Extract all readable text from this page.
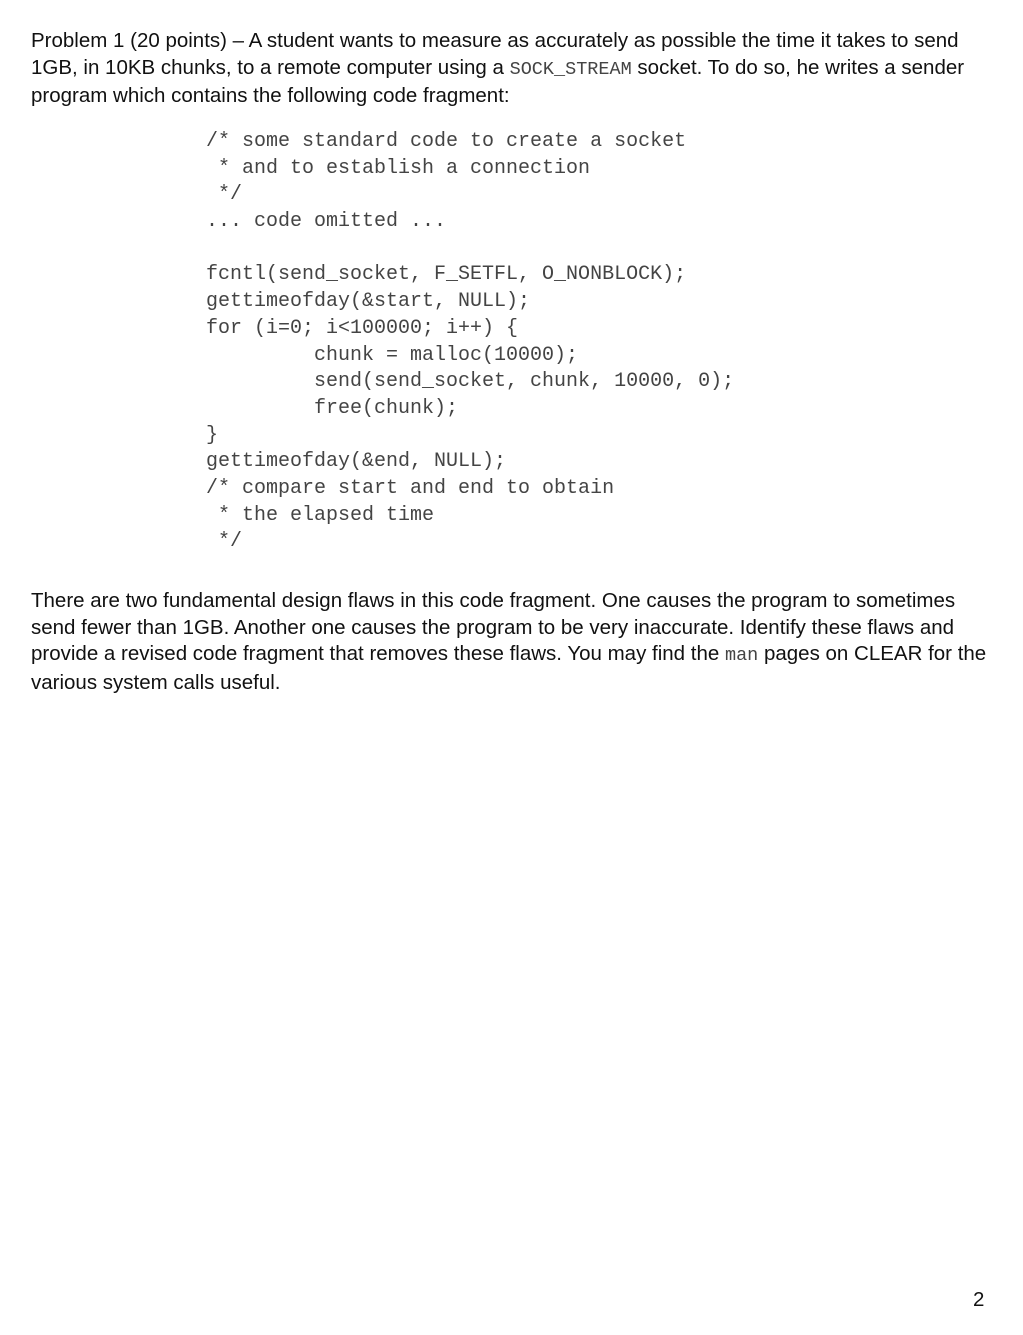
Problem 1 (20 points) – A student wants to measure as accurately as possible the time it takes to send 1GB, in 10KB chunks, to a remote computer using a SOCK_STREAM socket. To do so, he writes a sender program which contains the following code fragment:

/* some standard code to create a socket
* and to establish a connection
*/
... code omitted ...
fcntl(send_socket, F_SETFL, O_NONBLOCK);
gettimeofday(&start, NULL);
for (i=0; i<100000; i++) {
chunk = malloc(10000);
send(send_socket, chunk, 10000, 0);
free(chunk);
}
gettimeofday(&end, NULL);
/* compare start and end to obtain
* the elapsed time
*/

There are two fundamental design flaws in this code fragment. One causes the program to sometimes send fewer than 1GB. Another one causes the program to be very inaccurate. Identify these flaws and provide a revised code fragment that removes these flaws. You may find the man pages on CLEAR for the various system calls useful.

2
